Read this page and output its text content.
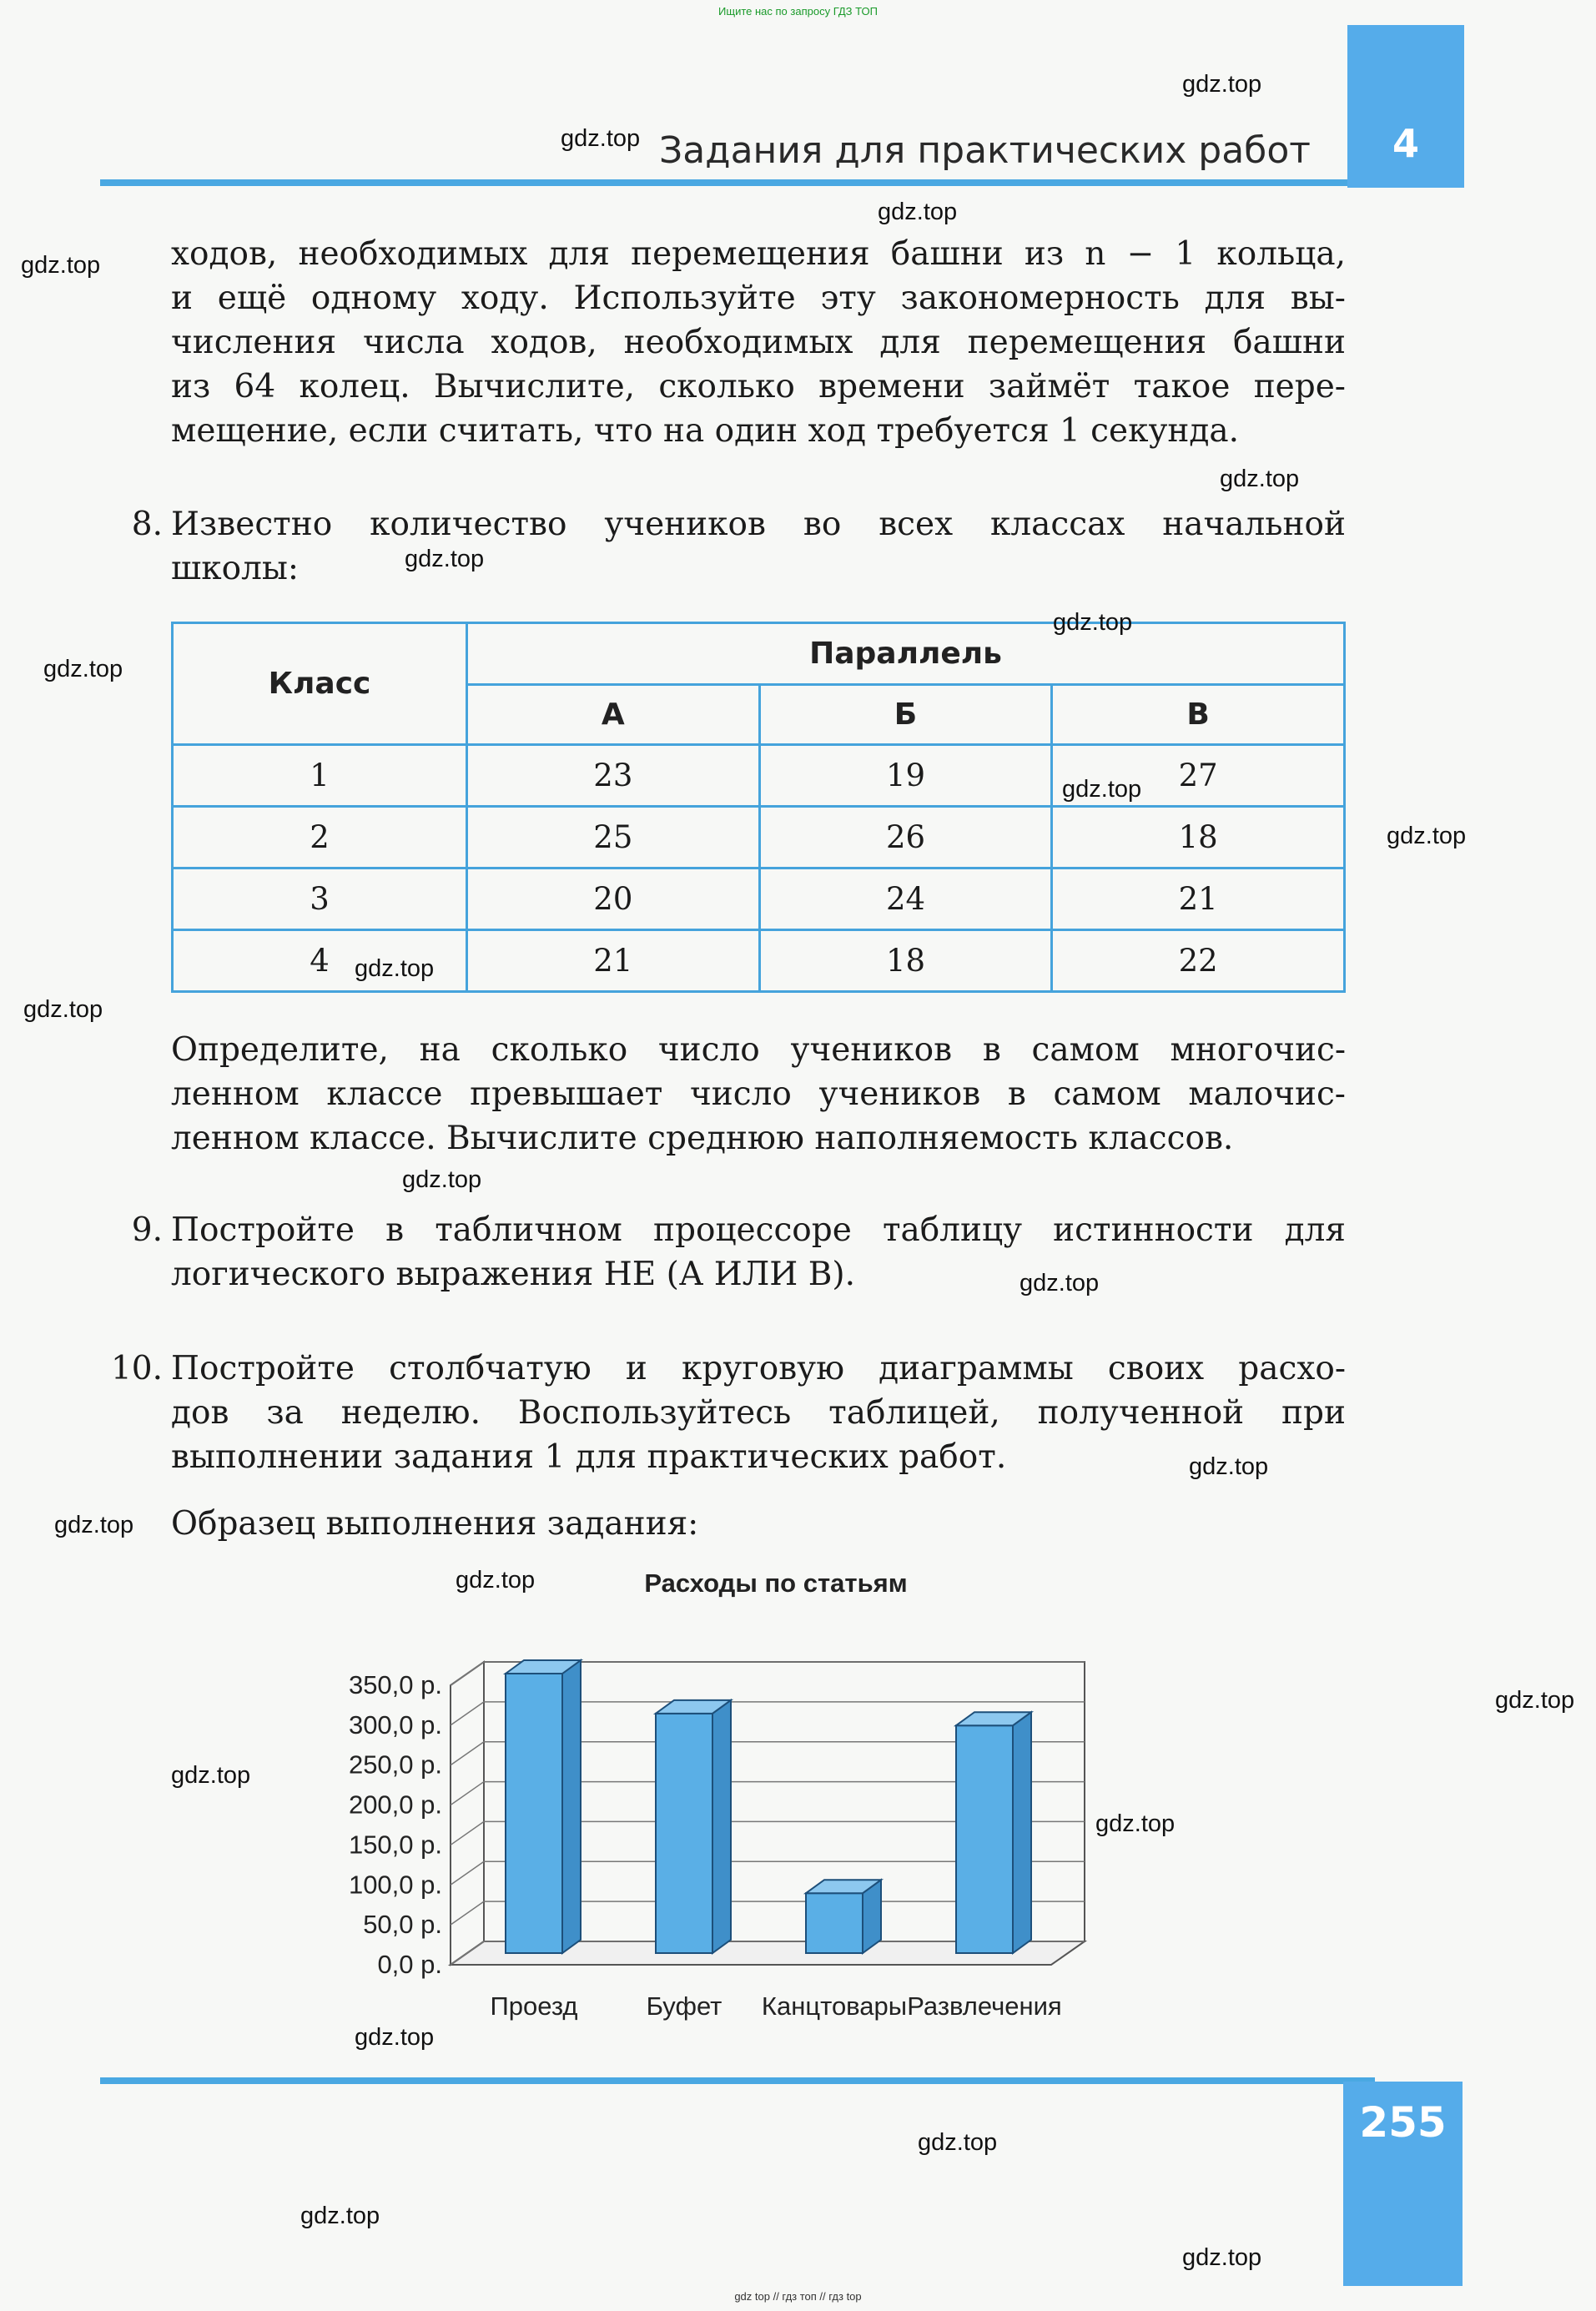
Ищите нас по запросу ГДЗ ТОП
gdz top // гдз топ // гдз top
4
Задания для практических работ
ходов, необходимых для перемещения башни из n − 1 кольца,
и ещё одному ходу. Используйте эту закономерность для вы-
числения числа ходов, необходимых для перемещения башни
из 64 колец. Вычислите, сколько времени займёт такое пере-
мещение, если считать, что на один ход требуется 1 секунда.
8. Известно количество учеников во всех классах начальной
школы:
Класс	Параллель		
	А	Б	В
1	23	19	27
2	25	26	18
3	20	24	21
4	21	18	22
Определите, на сколько число учеников в самом многочис-
ленном классе превышает число учеников в самом малочис-
ленном классе. Вычислите среднюю наполняемость классов.
9. Постройте в табличном процессоре таблицу истинности для
логического выражения НЕ (А ИЛИ В).
10. Постройте столбчатую и круговую диаграммы своих расхо-
дов за неделю. Воспользуйтесь таблицей, полученной при
выполнении задания 1 для практических работ.
Образец выполнения задания:
Расходы по статьям
0,0 р.
50,0 р.
100,0 р.
150,0 р.
200,0 р.
250,0 р.
300,0 р.
350,0 р.
Проезд	Буфет Канцтовары Развлечения
255
gdz.top
gdz.top
gdz.top
gdz.top
gdz.top
gdz.top
gdz.top
gdz.top
gdz.top
gdz.top
gdz.top
gdz.top
gdz.top
gdz.top
gdz.top
gdz.top
gdz.top
gdz.top
gdz.top
gdz.top
gdz.top
gdz.top
gdz.top
gdz.top
